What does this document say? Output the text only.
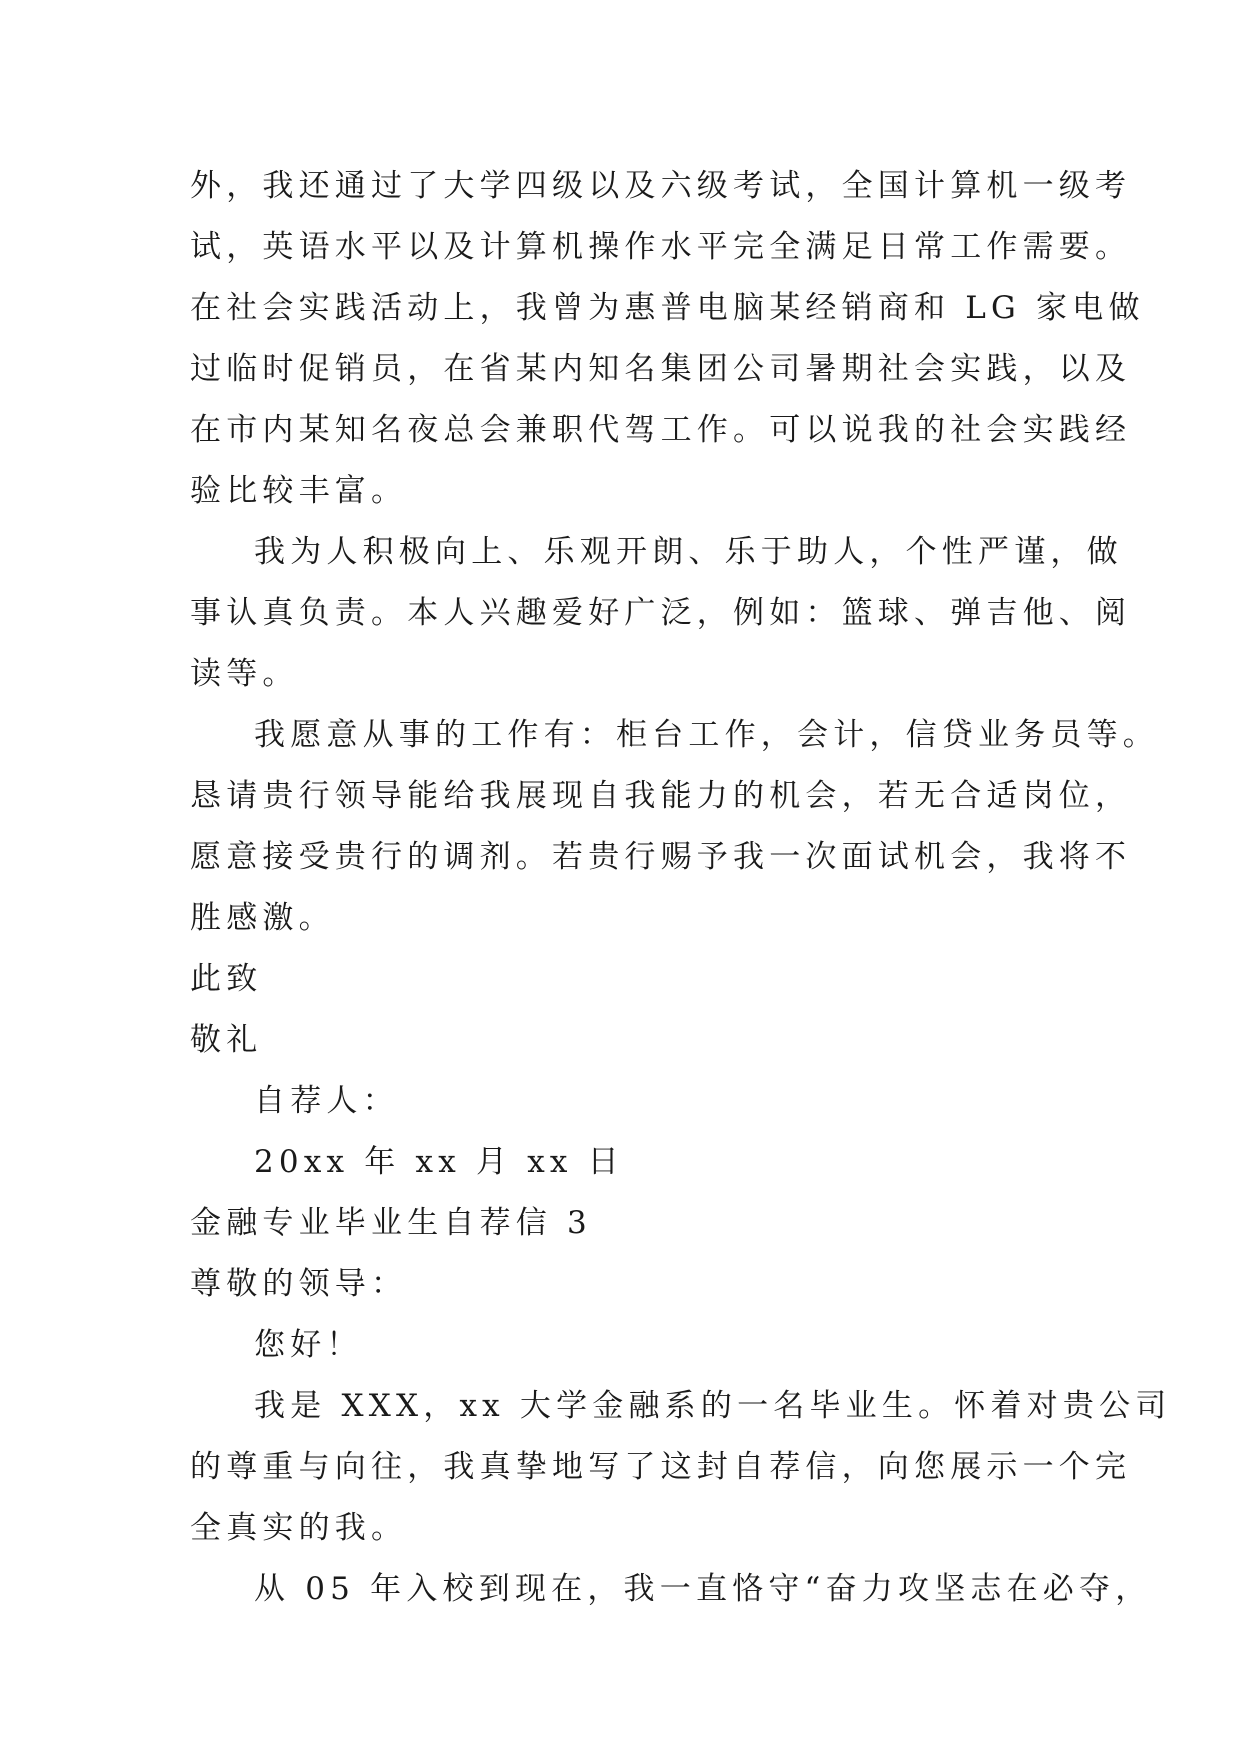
外，我还通过了大学四级以及六级考试，全国计算机一级考
试，英语水平以及计算机操作水平完全满足日常工作需要。
在社会实践活动上，我曾为惠普电脑某经销商和 LG 家电做
过临时促销员，在省某内知名集团公司暑期社会实践，以及
在市内某知名夜总会兼职代驾工作。可以说我的社会实践经
验比较丰富。
我为人积极向上、乐观开朗、乐于助人，个性严谨，做
事认真负责。本人兴趣爱好广泛，例如：篮球、弹吉他、阅
读等。
我愿意从事的工作有：柜台工作，会计，信贷业务员等。
恳请贵行领导能给我展现自我能力的机会，若无合适岗位，
愿意接受贵行的调剂。若贵行赐予我一次面试机会，我将不
胜感激。
此致
敬礼
自荐人：
20xx 年 xx 月 xx 日
金融专业毕业生自荐信 3
尊敬的领导：
您好！
我是 XXX，xx 大学金融系的一名毕业生。怀着对贵公司
的尊重与向往，我真挚地写了这封自荐信，向您展示一个完
全真实的我。
从 05 年入校到现在，我一直恪守“奋力攻坚志在必夺，
